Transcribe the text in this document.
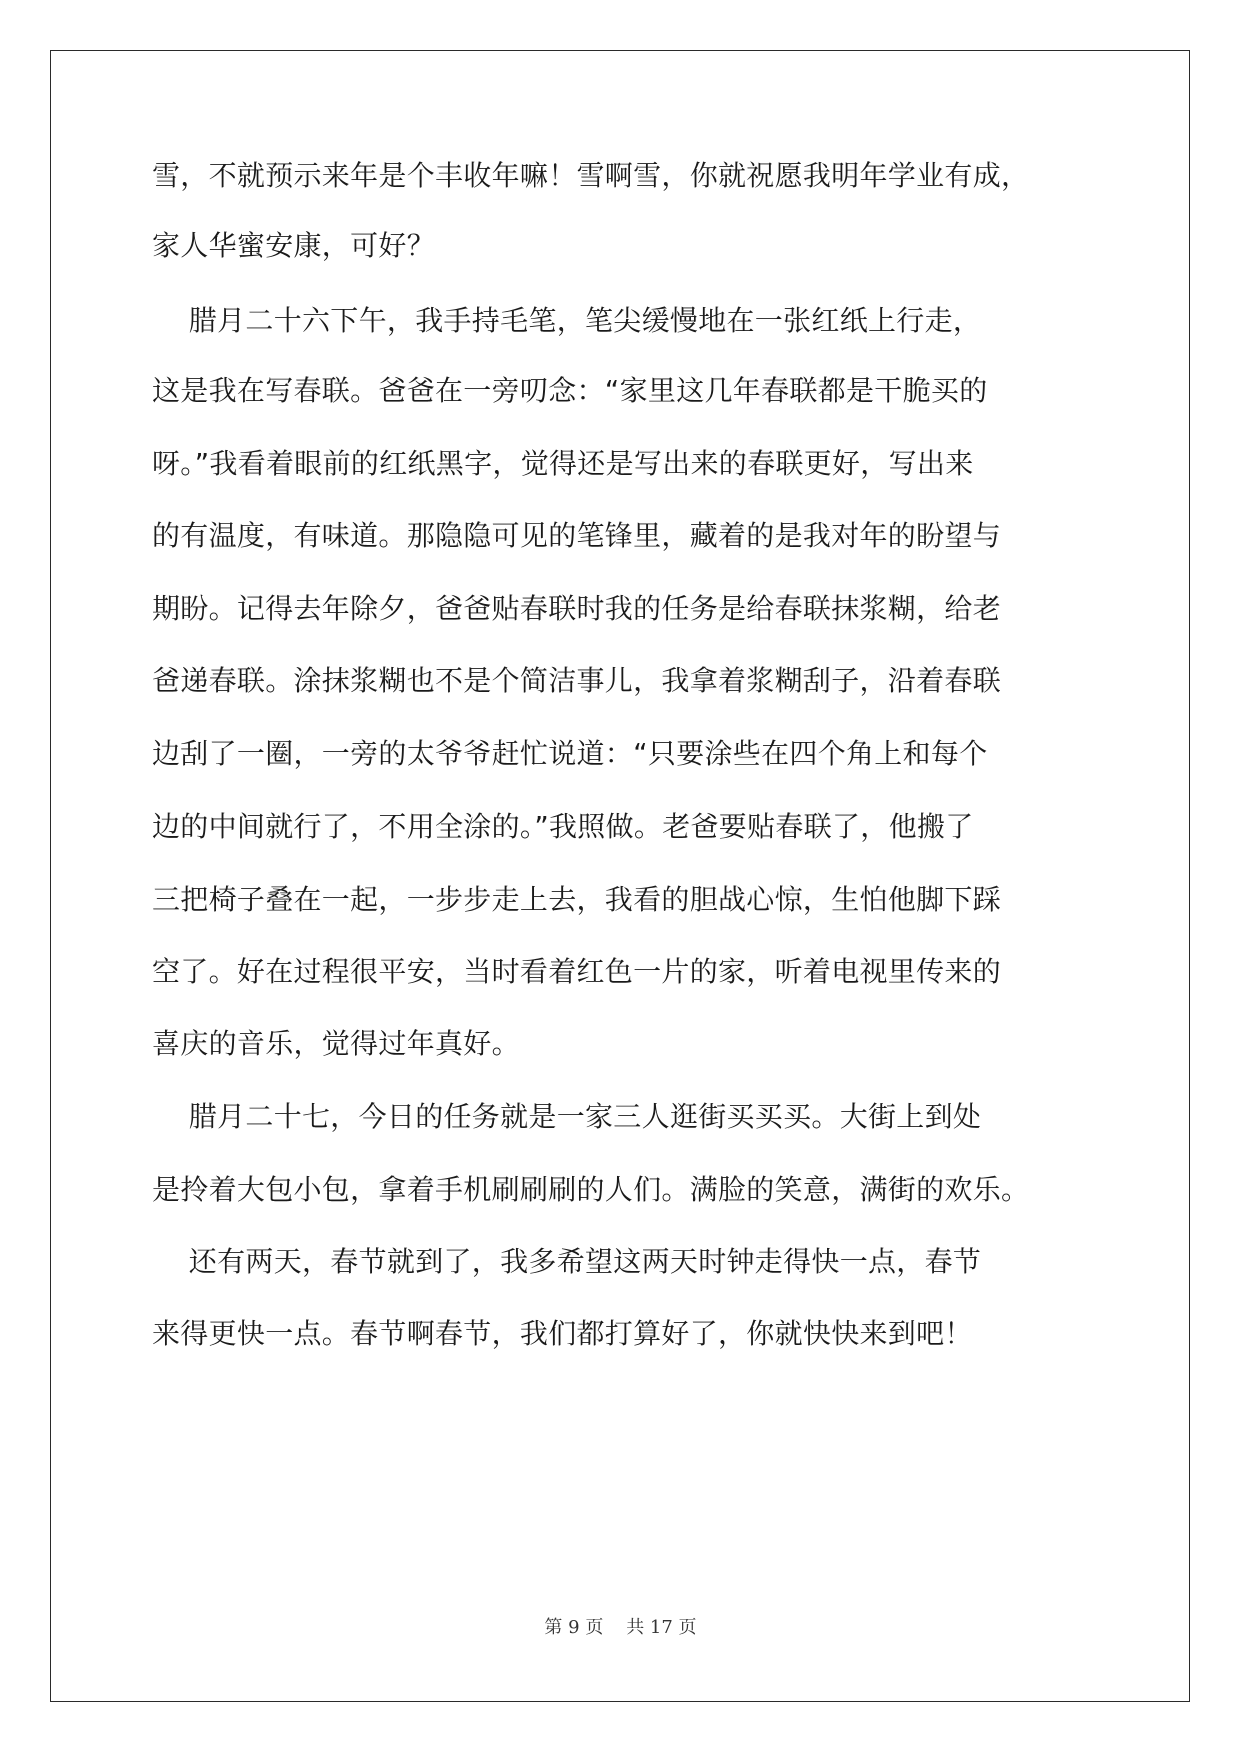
雪，不就预示来年是个丰收年嘛！雪啊雪，你就祝愿我明年学业有成，
家人华蜜安康，可好？
腊月二十六下午，我手持毛笔，笔尖缓慢地在一张红纸上行走，
这是我在写春联。爸爸在一旁叨念：“家里这几年春联都是干脆买的
呀。”我看着眼前的红纸黑字，觉得还是写出来的春联更好，写出来
的有温度，有味道。那隐隐可见的笔锋里，藏着的是我对年的盼望与
期盼。记得去年除夕，爸爸贴春联时我的任务是给春联抹浆糊，给老
爸递春联。涂抹浆糊也不是个简洁事儿，我拿着浆糊刮子，沿着春联
边刮了一圈，一旁的太爷爷赶忙说道：“只要涂些在四个角上和每个
边的中间就行了，不用全涂的。”我照做。老爸要贴春联了，他搬了
三把椅子叠在一起，一步步走上去，我看的胆战心惊，生怕他脚下踩
空了。好在过程很平安，当时看着红色一片的家，听着电视里传来的
喜庆的音乐，觉得过年真好。
腊月二十七，今日的任务就是一家三人逛街买买买。大街上到处
是拎着大包小包，拿着手机刷刷刷的人们。满脸的笑意，满街的欢乐。
还有两天，春节就到了，我多希望这两天时钟走得快一点，春节
来得更快一点。春节啊春节，我们都打算好了，你就快快来到吧！
第 9 页    共 17 页
